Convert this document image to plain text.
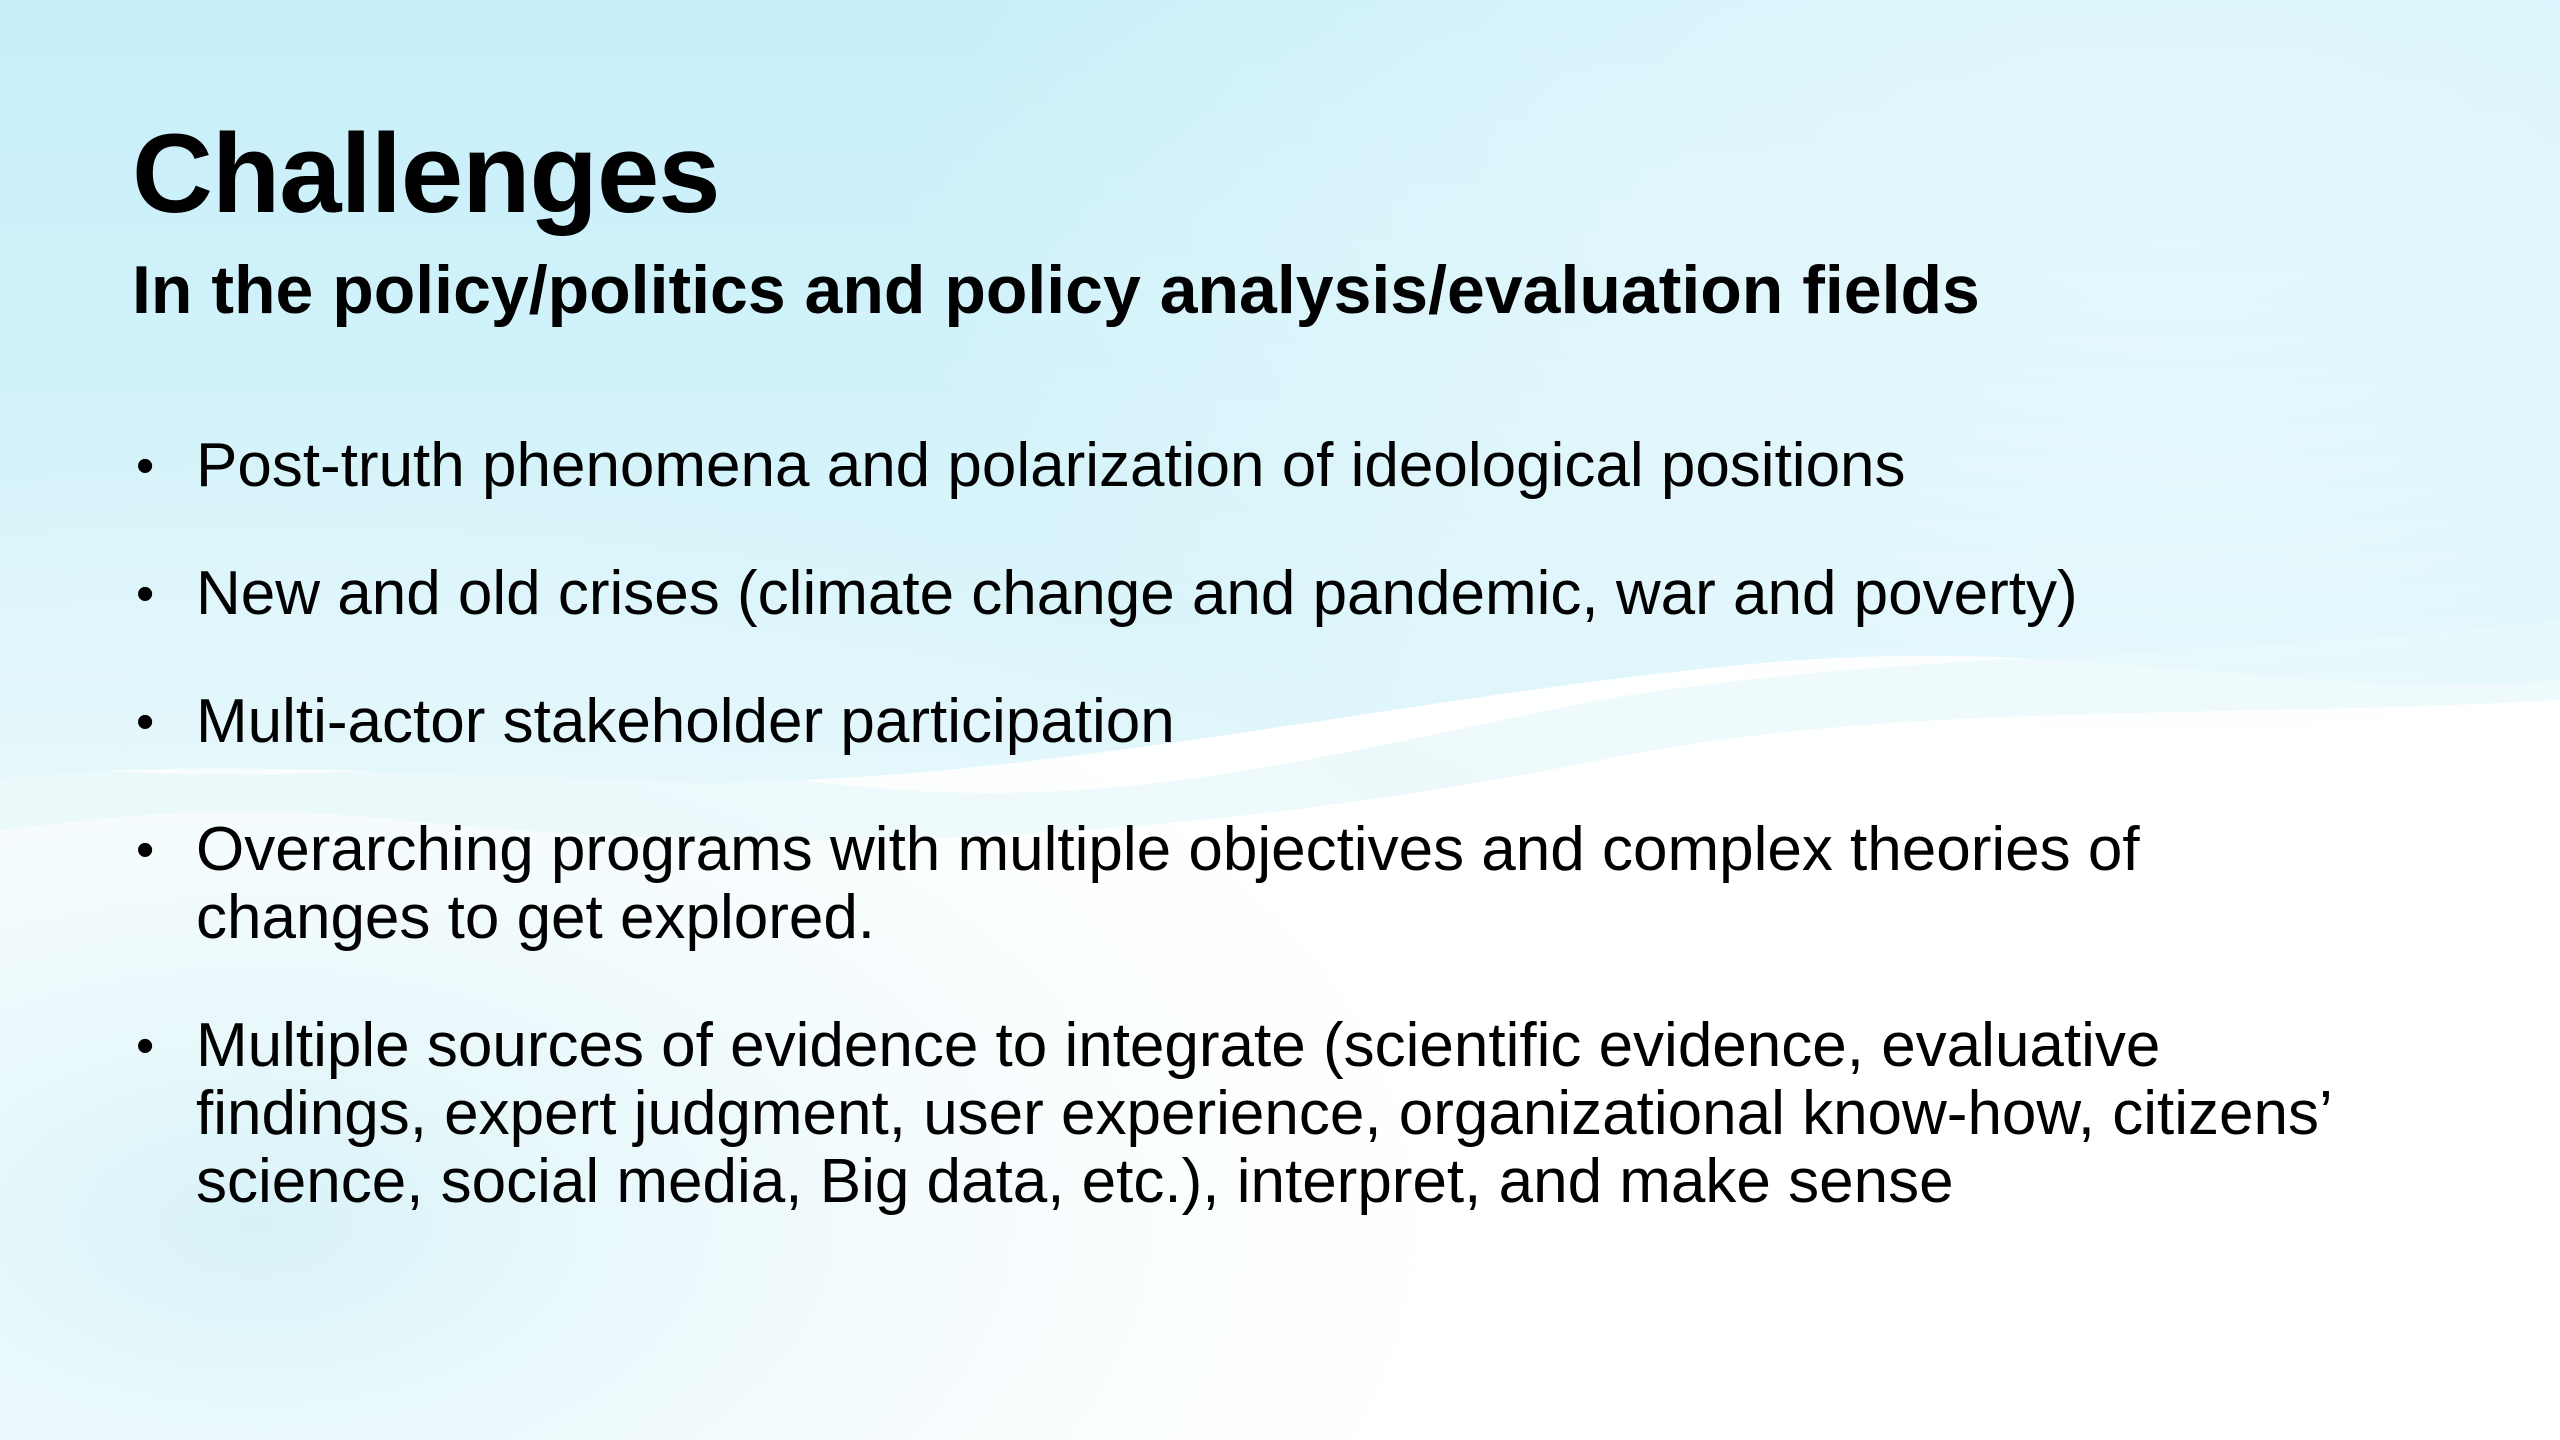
Challenges
In the policy/politics and policy analysis/evaluation fields
• Post-truth phenomena and polarization of ideological positions
• New and old crises (climate change and pandemic, war and poverty)
• Multi-actor stakeholder participation
• Overarching programs with multiple objectives and complex theories of changes to get explored.
• Multiple sources of evidence to integrate (scientific evidence, evaluative findings, expert judgment, user experience, organizational know-how, citizens’ science, social media, Big data, etc.), interpret, and make sense
